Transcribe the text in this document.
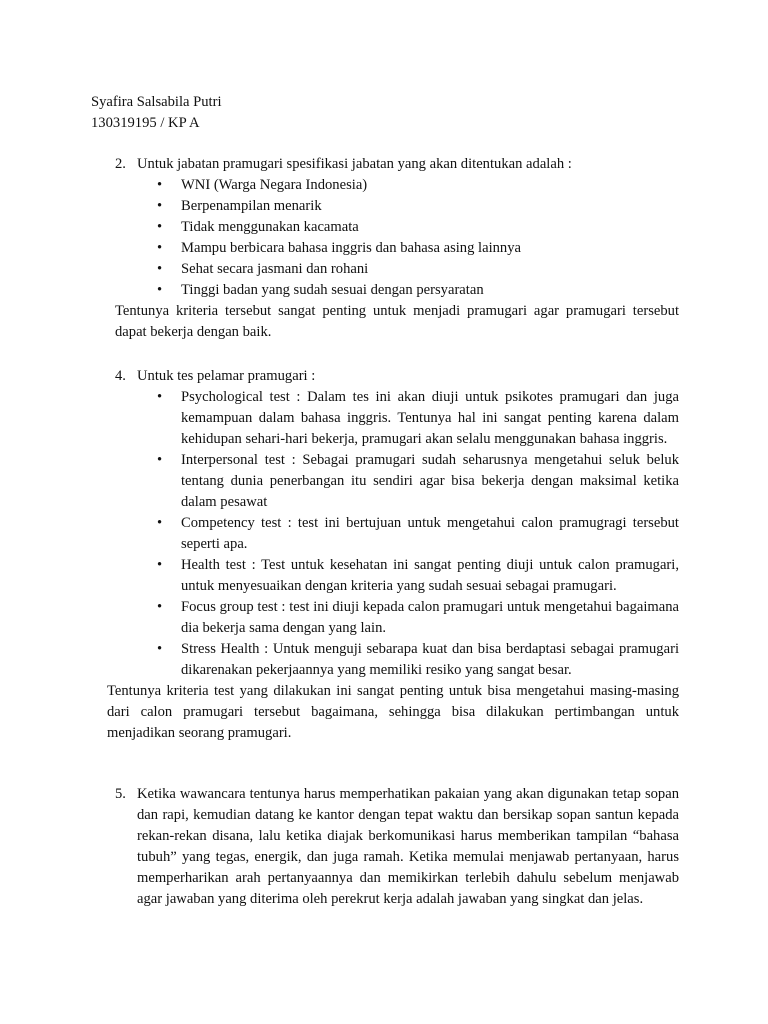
Syafira Salsabila Putri
130319195 / KP A
2. Untuk jabatan pramugari spesifikasi jabatan yang akan ditentukan adalah :
• WNI (Warga Negara Indonesia)
• Berpenampilan menarik
• Tidak menggunakan kacamata
• Mampu berbicara bahasa inggris dan bahasa asing lainnya
• Sehat secara jasmani dan rohani
• Tinggi badan yang sudah sesuai dengan persyaratan
Tentunya kriteria tersebut sangat penting untuk menjadi pramugari agar pramugari tersebut dapat bekerja dengan baik.
4. Untuk tes pelamar pramugari :
• Psychological test : Dalam tes ini akan diuji untuk psikotes pramugari dan juga kemampuan dalam bahasa inggris. Tentunya hal ini sangat penting karena dalam kehidupan sehari-hari bekerja, pramugari akan selalu menggunakan bahasa inggris.
• Interpersonal test : Sebagai pramugari sudah seharusnya mengetahui seluk beluk tentang dunia penerbangan itu sendiri agar bisa bekerja dengan maksimal ketika dalam pesawat
• Competency test : test ini bertujuan untuk mengetahui calon pramugragi tersebut seperti apa.
• Health test : Test untuk kesehatan ini sangat penting diuji untuk calon pramugari, untuk menyesuaikan dengan kriteria yang sudah sesuai sebagai pramugari.
• Focus group test : test ini diuji kepada calon pramugari untuk mengetahui bagaimana dia bekerja sama dengan yang lain.
• Stress Health : Untuk menguji sebarapa kuat dan bisa berdaptasi sebagai pramugari dikarenakan pekerjaannya yang memiliki resiko yang sangat besar.
Tentunya kriteria test yang dilakukan ini sangat penting untuk bisa mengetahui masing-masing dari calon pramugari tersebut bagaimana, sehingga bisa dilakukan pertimbangan untuk menjadikan seorang pramugari.
5. Ketika wawancara tentunya harus memperhatikan pakaian yang akan digunakan tetap sopan dan rapi, kemudian datang ke kantor dengan tepat waktu dan bersikap sopan santun kepada rekan-rekan disana, lalu ketika diajak berkomunikasi harus memberikan tampilan “bahasa tubuh” yang tegas, energik, dan juga ramah. Ketika memulai menjawab pertanyaan, harus memperharikan arah pertanyaannya dan memikirkan terlebih dahulu sebelum menjawab agar jawaban yang diterima oleh perekrut kerja adalah jawaban yang singkat dan jelas.
